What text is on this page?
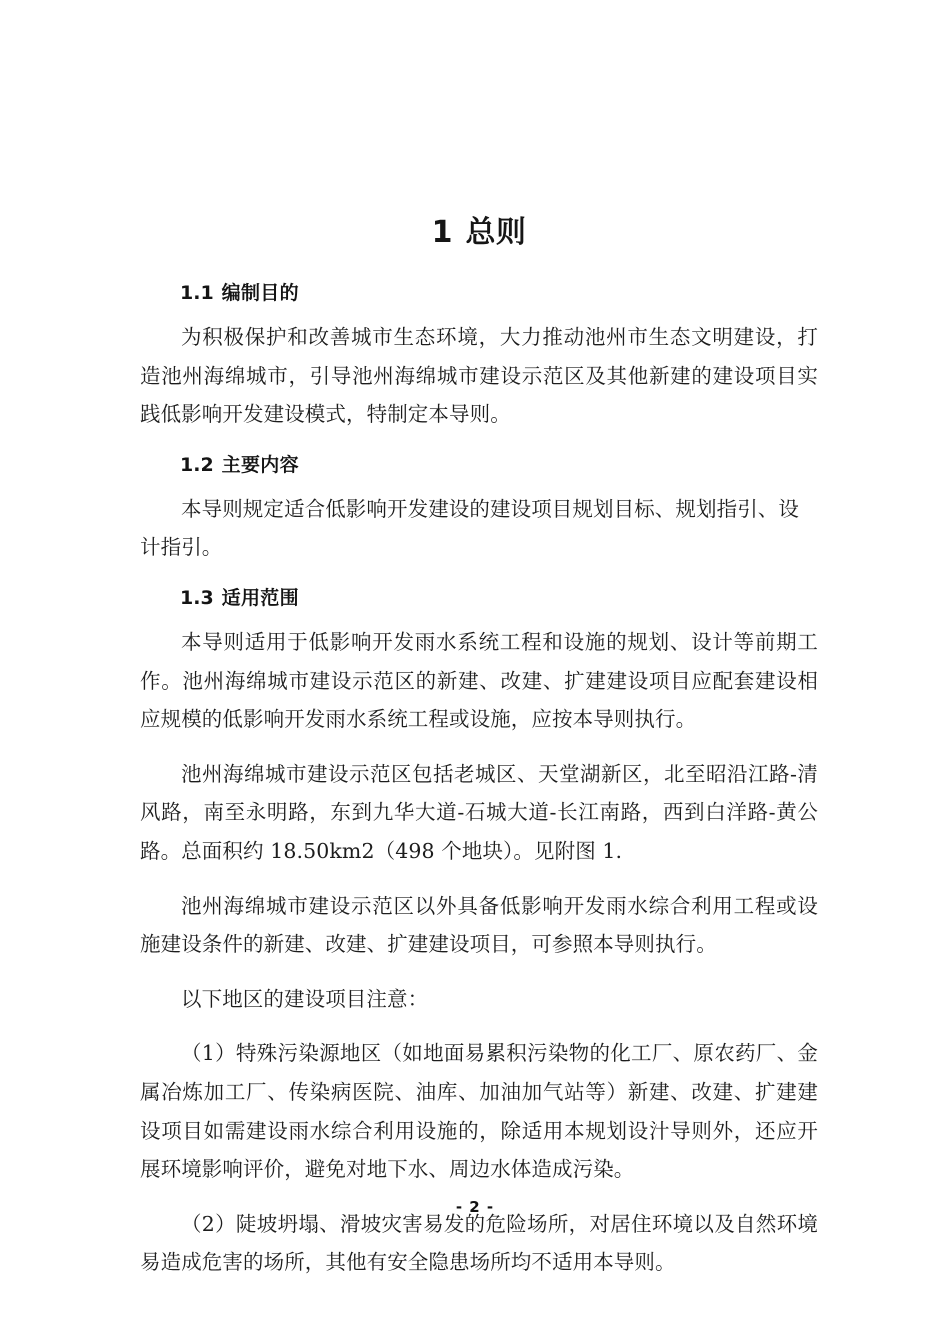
1 总则
1.1 编制目的

为积极保护和改善城市生态环境，大力推动池州市生态文明建设，打造池州海绵城市，引导池州海绵城市建设示范区及其他新建的建设项目实践低影响开发建设模式，特制定本导则。

1.2 主要内容

本导则规定适合低影响开发建设的建设项目规划目标、规划指引、设计指引。

1.3 适用范围

本导则适用于低影响开发雨水系统工程和设施的规划、设计等前期工作。池州海绵城市建设示范区的新建、改建、扩建建设项目应配套建设相应规模的低影响开发雨水系统工程或设施，应按本导则执行。

池州海绵城市建设示范区包括老城区、天堂湖新区，北至昭沿江路-清风路，南至永明路，东到九华大道-石城大道-长江南路，西到白洋路-黄公路。总面积约 18.50km2（498 个地块）。见附图 1.

池州海绵城市建设示范区以外具备低影响开发雨水综合利用工程或设施建设条件的新建、改建、扩建建设项目，可参照本导则执行。

以下地区的建设项目注意：

（1）特殊污染源地区（如地面易累积污染物的化工厂、原农药厂、金属冶炼加工厂、传染病医院、油库、加油加气站等）新建、改建、扩建建设项目如需建设雨水综合利用设施的，除适用本规划设汁导则外，还应开展环境影响评价，避免对地下水、周边水体造成污染。

（2）陡坡坍塌、滑坡灾害易发的危险场所，对居住环境以及自然环境易造成危害的场所，其他有安全隐患场所均不适用本导则。

- 2 -
